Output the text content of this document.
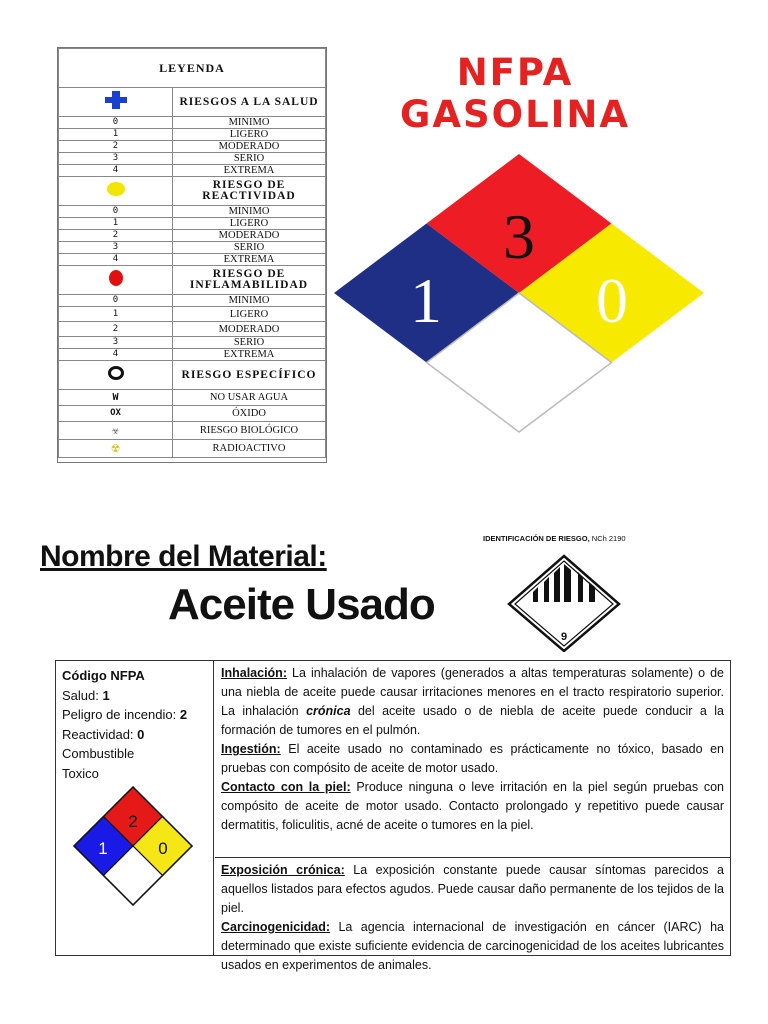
LEYENDA	
	RIESGOS A LA SALUD
0	MINIMO
1	LIGERO
2	MODERADO
3	SERIO
4	EXTREMA
	RIESGO DE REACTIVIDAD
0	MINIMO
1	LIGERO
2	MODERADO
3	SERIO
4	EXTREMA
	RIESGO DE INFLAMABILIDAD
0	MINIMO
1	LIGERO
2	MODERADO
3	SERIO
4	EXTREMA
	RIESGO ESPECÍFICO
W	NO USAR AGUA
OX	ÓXIDO
☣	RIESGO BIOLÓGICO
☢	RADIOACTIVO
NFPA
GASOLINA
3
1 0
Nombre del Material:
Aceite Usado
IDENTIFICACIÓN DE RIESGO, NCh 2190
9
Código NFPA
Salud: 1
Peligro de incendio: 2
Reactividad: 0
Combustible
Toxico
2
1	0
Inhalación: La inhalación de vapores (generados a altas temperaturas solamente) o de una niebla de aceite puede causar irritaciones menores en el tracto respiratorio superior. La inhalación crónica del aceite usado o de niebla de aceite puede conducir a la formación de tumores en el pulmón.
Ingestión: El aceite usado no contaminado es prácticamente no tóxico, basado en pruebas con compósito de aceite de motor usado.
Contacto con la piel: Produce ninguna o leve irritación en la piel según pruebas con compósito de aceite de motor usado. Contacto prolongado y repetitivo puede causar dermatitis, foliculitis, acné de aceite o tumores en la piel.
Exposición crónica: La exposición constante puede causar síntomas parecidos a aquellos listados para efectos agudos. Puede causar daño permanente de los tejidos de la piel.
Carcinogenicidad: La agencia internacional de investigación en cáncer (IARC) ha determinado que existe suficiente evidencia de carcinogenicidad de los aceites lubricantes usados en experimentos de animales.
